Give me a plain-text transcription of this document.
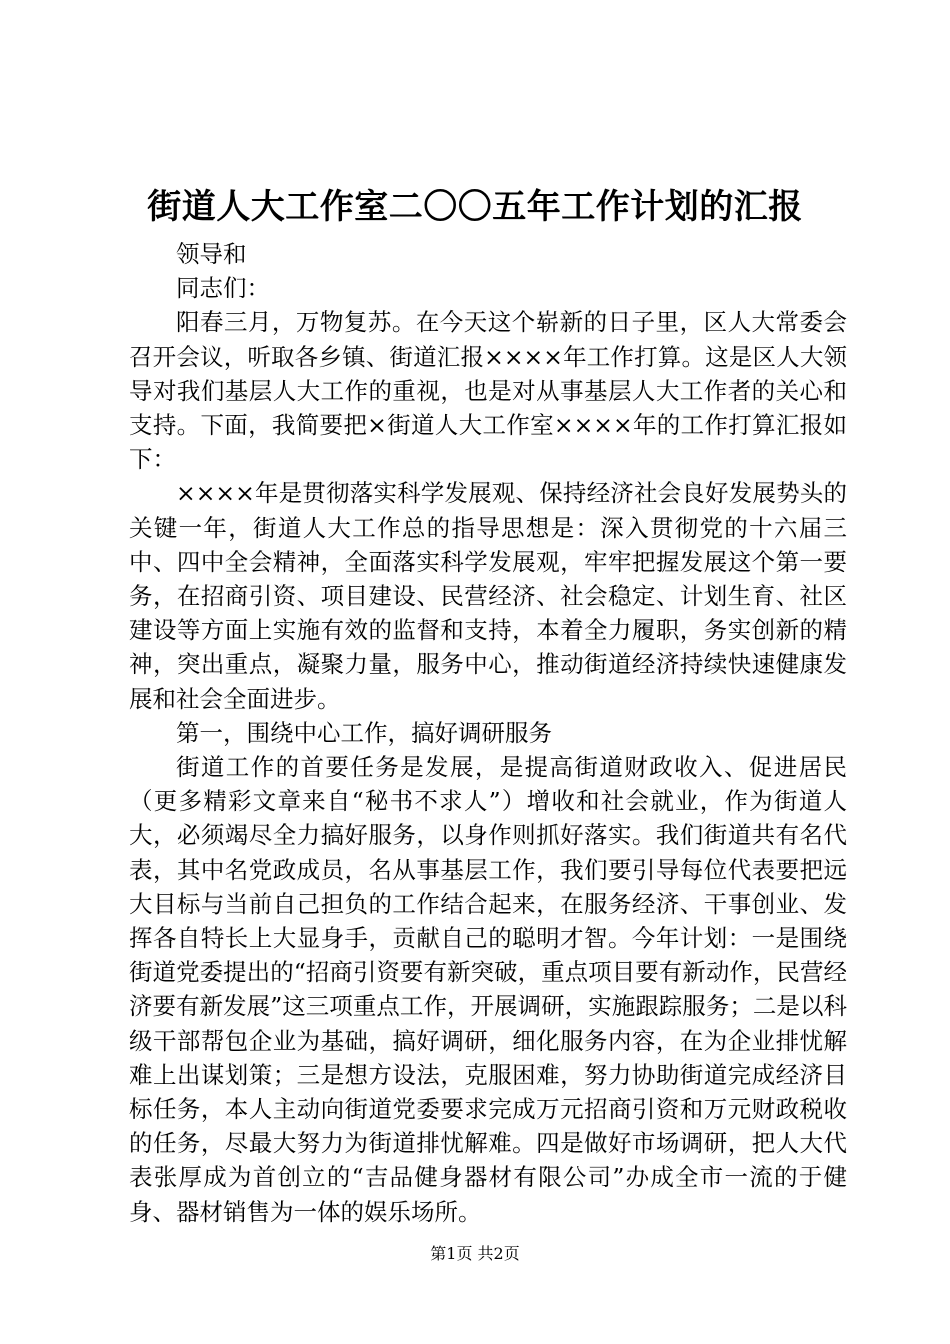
街道人大工作室二〇〇五年工作计划的汇报

领导和

同志们：

阳春三月，万物复苏。在今天这个崭新的日子里，区人大常委会召开会议，听取各乡镇、街道汇报××××年工作打算。这是区人大领导对我们基层人大工作的重视，也是对从事基层人大工作者的关心和支持。下面，我简要把×街道人大工作室××××年的工作打算汇报如下：

××××年是贯彻落实科学发展观、保持经济社会良好发展势头的关键一年，街道人大工作总的指导思想是：深入贯彻党的十六届三中、四中全会精神，全面落实科学发展观，牢牢把握发展这个第一要务，在招商引资、项目建设、民营经济、社会稳定、计划生育、社区建设等方面上实施有效的监督和支持，本着全力履职，务实创新的精神，突出重点，凝聚力量，服务中心，推动街道经济持续快速健康发展和社会全面进步。

第一，围绕中心工作，搞好调研服务

街道工作的首要任务是发展，是提高街道财政收入、促进居民（更多精彩文章来自“秘书不求人”）增收和社会就业，作为街道人大，必须竭尽全力搞好服务，以身作则抓好落实。我们街道共有名代表，其中名党政成员，名从事基层工作，我们要引导每位代表要把远大目标与当前自己担负的工作结合起来，在服务经济、干事创业、发挥各自特长上大显身手，贡献自己的聪明才智。今年计划：一是围绕街道党委提出的“招商引资要有新突破，重点项目要有新动作，民营经济要有新发展”这三项重点工作，开展调研，实施跟踪服务；二是以科级干部帮包企业为基础，搞好调研，细化服务内容，在为企业排忧解难上出谋划策；三是想方设法，克服困难，努力协助街道完成经济目标任务，本人主动向街道党委要求完成万元招商引资和万元财政税收的任务，尽最大努力为街道排忧解难。四是做好市场调研，把人大代表张厚成为首创立的“吉品健身器材有限公司”办成全市一流的于健身、器材销售为一体的娱乐场所。

第1页 共2页
